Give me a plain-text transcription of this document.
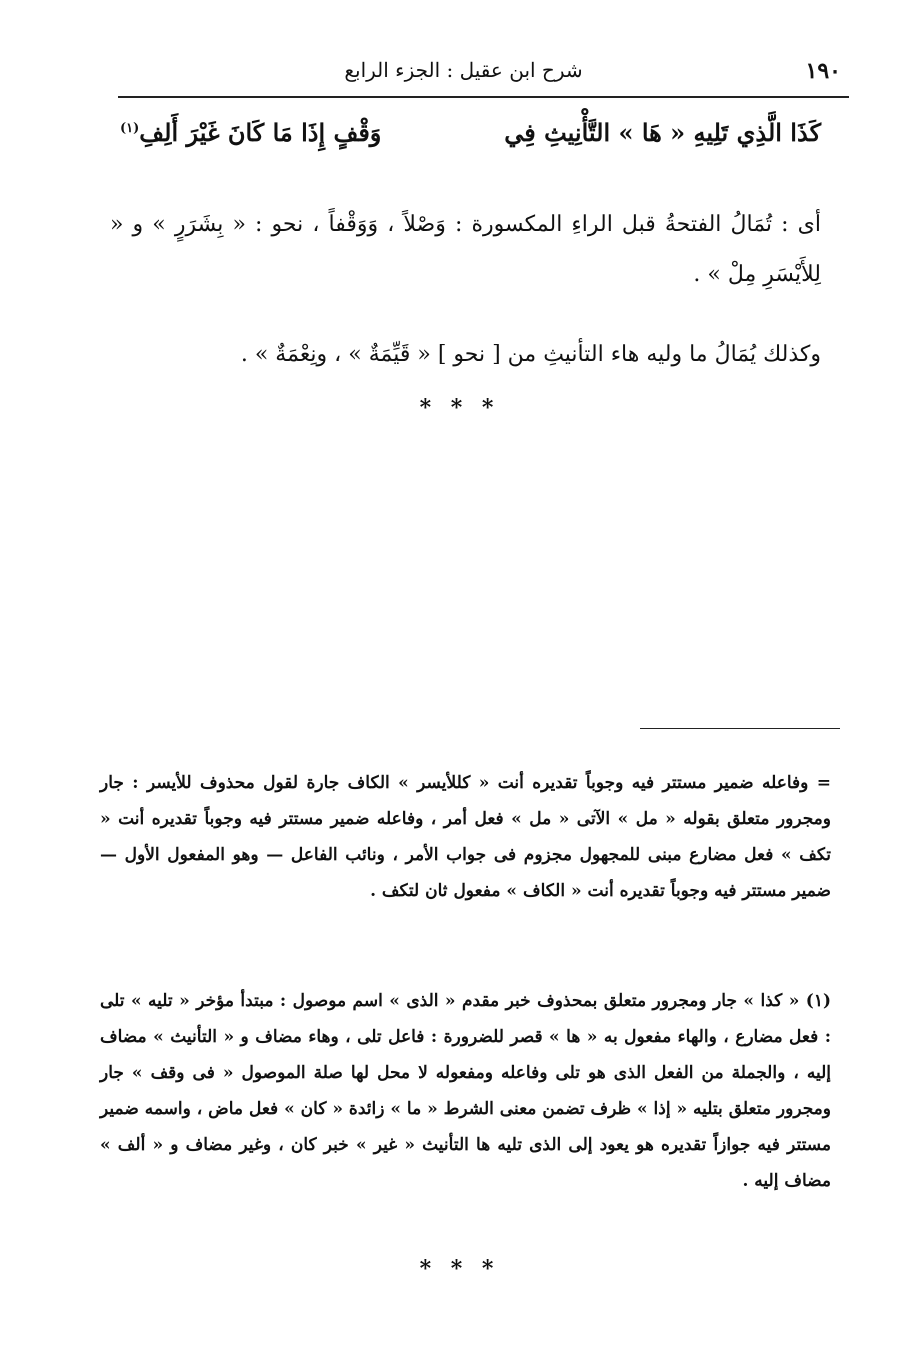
١٩٠
شرح ابن عقيل : الجزء الرابع
كَذَا الَّذِي تَلِيهِ « هَا » التَّأْنِيثِ فِي
وَقْفٍ إِذَا مَا كَانَ غَيْرَ أَلِفِ$^{(١)}$

أى : تُمَالُ الفتحةُ قبل الراءِ المكسورة : وَصْلاً ، وَوَقْفاً ، نحو : « بِشَرَرٍ » و « لِلأَيْسَرِ مِلْ » .

وكذلك يُمَالُ ما وليه هاء التأنيثِ من [ نحو ] « قَيِّمَةٌ » ، ونِعْمَةٌ » .

* * *

= وفاعله ضمير مستتر فيه وجوباً تقديره أنت « كللأيسر » الكاف جارة لقول محذوف للأيسر : جار ومجرور متعلق بقوله « مل » الآتى « مل » فعل أمر ، وفاعله ضمير مستتر فيه وجوباً تقديره أنت « تكف » فعل مضارع مبنى للمجهول مجزوم فى جواب الأمر ، ونائب الفاعل — وهو المفعول الأول — ضمير مستتر فيه وجوباً تقديره أنت « الكاف » مفعول ثان لتكف .

(١) « كذا » جار ومجرور متعلق بمحذوف خبر مقدم « الذى » اسم موصول : مبتدأ مؤخر « تليه » تلى : فعل مضارع ، والهاء مفعول به « ها » قصر للضرورة : فاعل تلى ، وهاء مضاف و « التأنيث » مضاف إليه ، والجملة من الفعل الذى هو تلى وفاعله ومفعوله لا محل لها صلة الموصول « فى وقف » جار ومجرور متعلق بتليه « إذا » ظرف تضمن معنى الشرط « ما » زائدة « كان » فعل ماض ، واسمه ضمير مستتر فيه جوازاً تقديره هو يعود إلى الذى تليه ها التأنيث « غير » خبر كان ، وغير مضاف و « ألف » مضاف إليه .

* * *
